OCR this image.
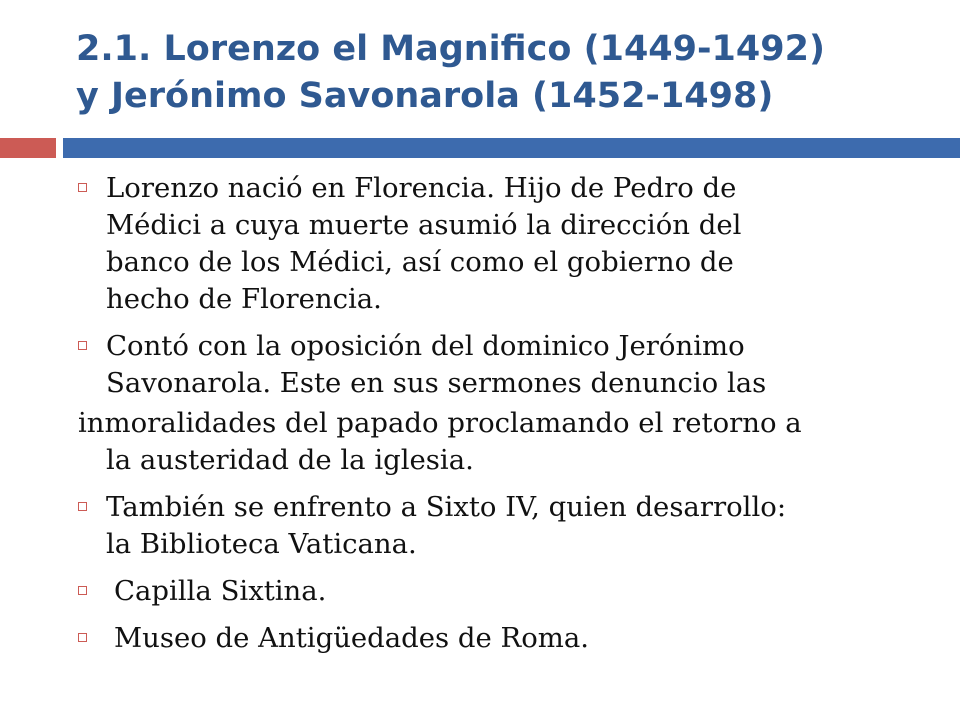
2.1. Lorenzo el Magnifico (1449-1492)
y Jerónimo Savonarola (1452-1498)
Lorenzo nació en Florencia. Hijo de Pedro de
Médici a cuya muerte asumió la dirección del
banco de los Médici, así como el gobierno de
hecho de Florencia.
Contó con la oposición del dominico Jerónimo
Savonarola. Este en sus sermones denuncio las
inmoralidades del papado proclamando el retorno a
la austeridad de la iglesia.
También se enfrento a Sixto IV, quien desarrollo:
la Biblioteca Vaticana.
Capilla Sixtina.
Museo de Antigüedades de Roma.
